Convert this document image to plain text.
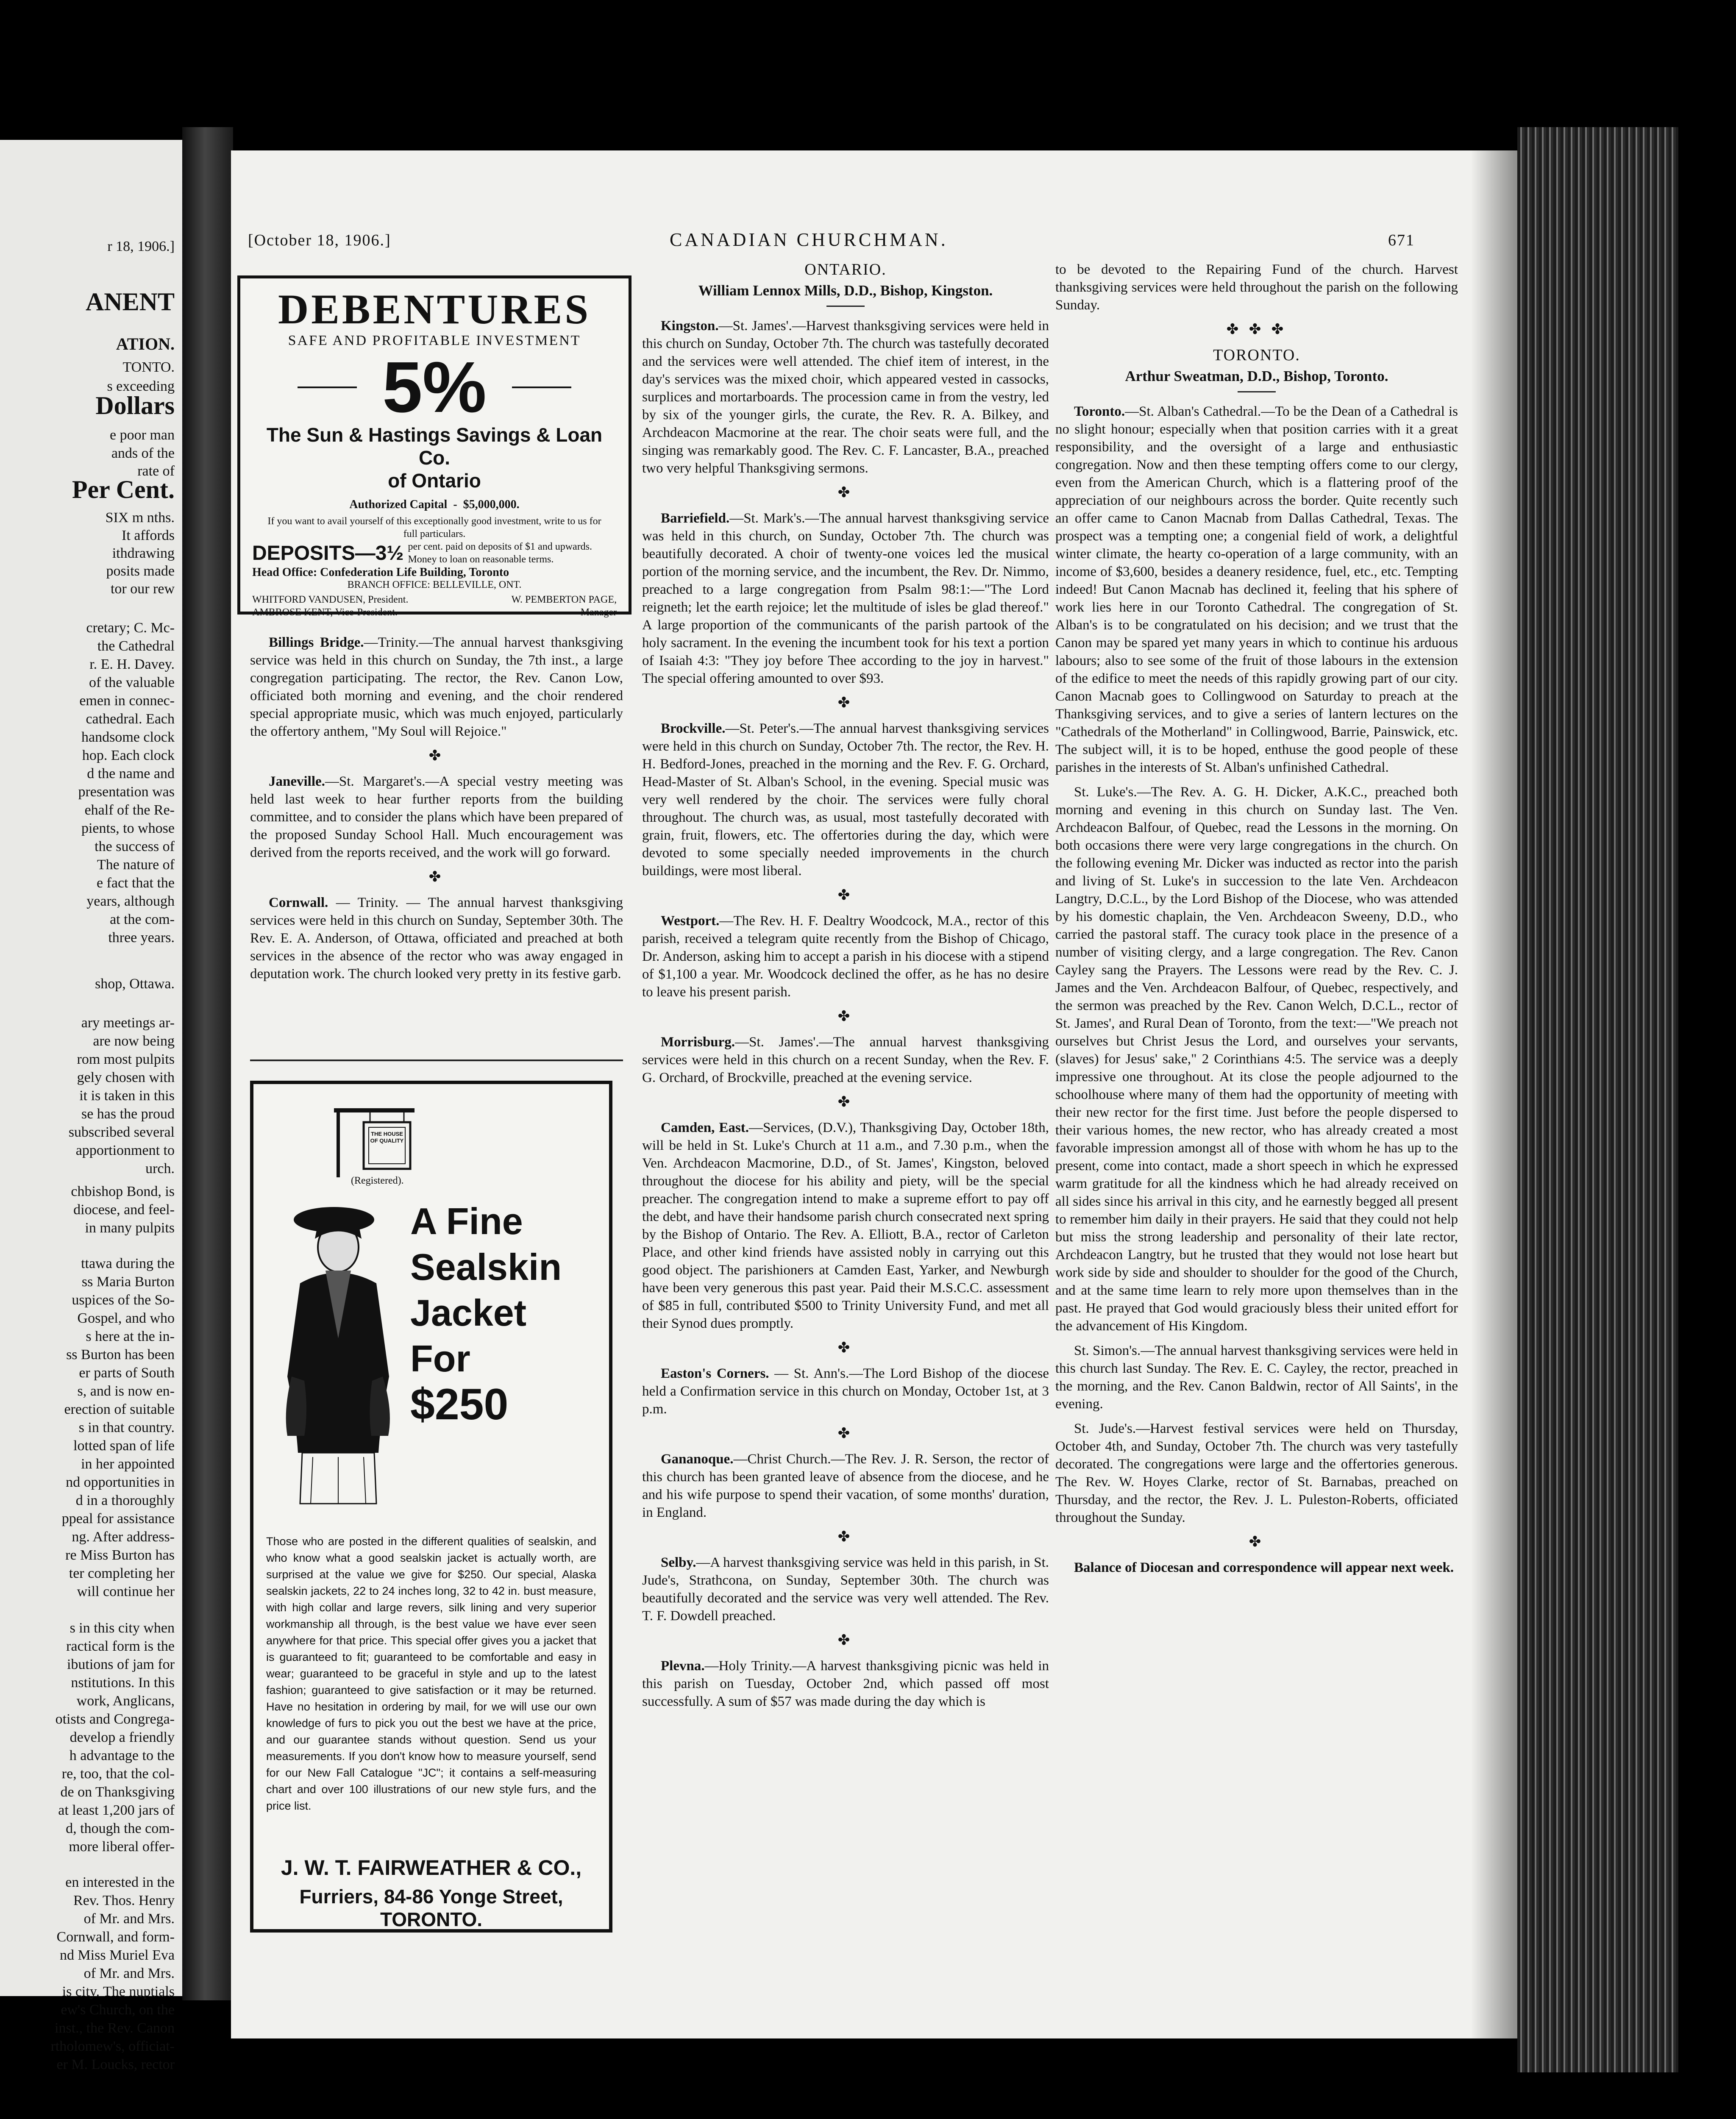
r 18, 1906.]
ANENT
ATION.
TONTO.
s exceeding
Dollars
e poor man
ands of the
rate of
Per Cent.
SIX m nths.
It affords
ithdrawing
posits made
tor our rew
cretary; C. Mc-
the Cathedral
r. E. H. Davey.
of the valuable
emen in connec-
cathedral. Each
handsome clock
hop. Each clock
d the name and
presentation was
ehalf of the Re-
pients, to whose
the success of
The nature of
e fact that the
years, although
at the com-
three years.
shop, Ottawa.
ary meetings ar-
are now being
rom most pulpits
gely chosen with
it is taken in this
se has the proud
subscribed several
apportionment to
urch.
chbishop Bond, is
diocese, and feel-
in many pulpits
ttawa during the
ss Maria Burton
uspices of the So-
Gospel, and who
s here at the in-
ss Burton has been
er parts of South
s, and is now en-
erection of suitable
s in that country.
lotted span of life
in her appointed
nd opportunities in
d in a thoroughly
ppeal for assistance
ng. After address-
re Miss Burton has
ter completing her
will continue her
s in this city when
ractical form is the
ibutions of jam for
nstitutions. In this
work, Anglicans,
otists and Congrega-
develop a friendly
h advantage to the
re, too, that the col-
de on Thanksgiving
at least 1,200 jars of
d, though the com-
more liberal offer-
en interested in the
Rev. Thos. Henry
of Mr. and Mrs.
Cornwall, and form-
nd Miss Muriel Eva
of Mr. and Mrs.
is city. The nuptials
ew's Church, on the
inst., the Rev. Canon
rtholomew's, officiat-
er M. Loucks, rector
[October 18, 1906.]	CANADIAN CHURCHMAN.	671
DEBENTURES
SAFE AND PROFITABLE INVESTMENT
5%
The Sun & Hastings Savings & Loan Co.
of Ontario
Authorized Capital  -  $5,000,000.
If you want to avail yourself of this exceptionally good investment, write to us for full particulars.
DEPOSITS—3½ per cent. paid on deposits of $1 and upwards. Money to loan on reasonable terms.
Head Office: Confederation Life Building, Toronto
BRANCH OFFICE: BELLEVILLE, ONT.
WHITFORD VANDUSEN, President.
AMBROSE KENT, Vice-President.
W. PEMBERTON PAGE,
Manager

Billings Bridge.—Trinity.—The annual harvest thanksgiving service was held in this church on Sunday, the 7th inst., a large congregation participating. The rector, the Rev. Canon Low, officiated both morning and evening, and the choir rendered special appropriate music, which was much enjoyed, particularly the offertory anthem, "My Soul will Rejoice."

✤

Janeville.—St. Margaret's.—A special vestry meeting was held last week to hear further reports from the building committee, and to consider the plans which have been prepared of the proposed Sunday School Hall. Much encouragement was derived from the reports received, and the work will go forward.

✤

Cornwall. — Trinity. — The annual harvest thanksgiving services were held in this church on Sunday, September 30th. The Rev. E. A. Anderson, of Ottawa, officiated and preached at both services in the absence of the rector who was away engaged in deputation work. The church looked very pretty in its festive garb.

THE HOUSE OF QUALITY
(Registered).
A Fine
Sealskin
Jacket
For
$250
Those who are posted in the different qualities of sealskin, and who know what a good sealskin jacket is actually worth, are surprised at the value we give for $250. Our special, Alaska sealskin jackets, 22 to 24 inches long, 32 to 42 in. bust measure, with high collar and large revers, silk lining and very superior workmanship all through, is the best value we have ever seen anywhere for that price. This special offer gives you a jacket that is guaranteed to fit; guaranteed to be comfortable and easy in wear; guaranteed to be graceful in style and up to the latest fashion; guaranteed to give satisfaction or it may be returned. Have no hesitation in ordering by mail, for we will use our own knowledge of furs to pick you out the best we have at the price, and our guarantee stands without question. Send us your measurements. If you don't know how to measure yourself, send for our New Fall Catalogue "JC"; it contains a self-measuring chart and over 100 illustrations of our new style furs, and the price list.
J. W. T. FAIRWEATHER & CO.,
Furriers, 84-86 Yonge Street, TORONTO.
ONTARIO.
William Lennox Mills, D.D., Bishop, Kingston.

Kingston.—St. James'.—Harvest thanksgiving services were held in this church on Sunday, October 7th. The church was tastefully decorated and the services were well attended. The chief item of interest, in the day's services was the mixed choir, which appeared vested in cassocks, surplices and mortarboards. The procession came in from the vestry, led by six of the younger girls, the curate, the Rev. R. A. Bilkey, and Archdeacon Macmorine at the rear. The choir seats were full, and the singing was remarkably good. The Rev. C. F. Lancaster, B.A., preached two very helpful Thanksgiving sermons.

✤

Barriefield.—St. Mark's.—The annual harvest thanksgiving service was held in this church, on Sunday, October 7th. The church was beautifully decorated. A choir of twenty-one voices led the musical portion of the morning service, and the incumbent, the Rev. Dr. Nimmo, preached to a large congregation from Psalm 98:1:—"The Lord reigneth; let the earth rejoice; let the multitude of isles be glad thereof." A large proportion of the communicants of the parish partook of the holy sacrament. In the evening the incumbent took for his text a portion of Isaiah 4:3: "They joy before Thee according to the joy in harvest." The special offering amounted to over $93.

✤

Brockville.—St. Peter's.—The annual harvest thanksgiving services were held in this church on Sunday, October 7th. The rector, the Rev. H. H. Bedford-Jones, preached in the morning and the Rev. F. G. Orchard, Head-Master of St. Alban's School, in the evening. Special music was very well rendered by the choir. The services were fully choral throughout. The church was, as usual, most tastefully decorated with grain, fruit, flowers, etc. The offertories during the day, which were devoted to some specially needed improvements in the church buildings, were most liberal.

✤

Westport.—The Rev. H. F. Dealtry Woodcock, M.A., rector of this parish, received a telegram quite recently from the Bishop of Chicago, Dr. Anderson, asking him to accept a parish in his diocese with a stipend of $1,100 a year. Mr. Woodcock declined the offer, as he has no desire to leave his present parish.

✤

Morrisburg.—St. James'.—The annual harvest thanksgiving services were held in this church on a recent Sunday, when the Rev. F. G. Orchard, of Brockville, preached at the evening service.

✤

Camden, East.—Services, (D.V.), Thanksgiving Day, October 18th, will be held in St. Luke's Church at 11 a.m., and 7.30 p.m., when the Ven. Archdeacon Macmorine, D.D., of St. James', Kingston, beloved throughout the diocese for his ability and piety, will be the special preacher. The congregation intend to make a supreme effort to pay off the debt, and have their handsome parish church consecrated next spring by the Bishop of Ontario. The Rev. A. Elliott, B.A., rector of Carleton Place, and other kind friends have assisted nobly in carrying out this good object. The parishioners at Camden East, Yarker, and Newburgh have been very generous this past year. Paid their M.S.C.C. assessment of $85 in full, contributed $500 to Trinity University Fund, and met all their Synod dues promptly.

✤

Easton's Corners. — St. Ann's.—The Lord Bishop of the diocese held a Confirmation service in this church on Monday, October 1st, at 3 p.m.

✤

Gananoque.—Christ Church.—The Rev. J. R. Serson, the rector of this church has been granted leave of absence from the diocese, and he and his wife purpose to spend their vacation, of some months' duration, in England.

✤

Selby.—A harvest thanksgiving service was held in this parish, in St. Jude's, Strathcona, on Sunday, September 30th. The church was beautifully decorated and the service was very well attended. The Rev. T. F. Dowdell preached.

✤

Plevna.—Holy Trinity.—A harvest thanksgiving picnic was held in this parish on Tuesday, October 2nd, which passed off most successfully. A sum of $57 was made during the day which is

to be devoted to the Repairing Fund of the church. Harvest thanksgiving services were held throughout the parish on the following Sunday.

✤ ✤ ✤
TORONTO.
Arthur Sweatman, D.D., Bishop, Toronto.

Toronto.—St. Alban's Cathedral.—To be the Dean of a Cathedral is no slight honour; especially when that position carries with it a great responsibility, and the oversight of a large and enthusiastic congregation. Now and then these tempting offers come to our clergy, even from the American Church, which is a flattering proof of the appreciation of our neighbours across the border. Quite recently such an offer came to Canon Macnab from Dallas Cathedral, Texas. The prospect was a tempting one; a congenial field of work, a delightful winter climate, the hearty co-operation of a large community, with an income of $3,600, besides a deanery residence, fuel, etc., etc. Tempting indeed! But Canon Macnab has declined it, feeling that his sphere of work lies here in our Toronto Cathedral. The congregation of St. Alban's is to be congratulated on his decision; and we trust that the Canon may be spared yet many years in which to continue his arduous labours; also to see some of the fruit of those labours in the extension of the edifice to meet the needs of this rapidly growing part of our city. Canon Macnab goes to Collingwood on Saturday to preach at the Thanksgiving services, and to give a series of lantern lectures on the "Cathedrals of the Motherland" in Collingwood, Barrie, Painswick, etc. The subject will, it is to be hoped, enthuse the good people of these parishes in the interests of St. Alban's unfinished Cathedral.

St. Luke's.—The Rev. A. G. H. Dicker, A.K.C., preached both morning and evening in this church on Sunday last. The Ven. Archdeacon Balfour, of Quebec, read the Lessons in the morning. On both occasions there were very large congregations in the church. On the following evening Mr. Dicker was inducted as rector into the parish and living of St. Luke's in succession to the late Ven. Archdeacon Langtry, D.C.L., by the Lord Bishop of the Diocese, who was attended by his domestic chaplain, the Ven. Archdeacon Sweeny, D.D., who carried the pastoral staff. The curacy took place in the presence of a number of visiting clergy, and a large congregation. The Rev. Canon Cayley sang the Prayers. The Lessons were read by the Rev. C. J. James and the Ven. Archdeacon Balfour, of Quebec, respectively, and the sermon was preached by the Rev. Canon Welch, D.C.L., rector of St. James', and Rural Dean of Toronto, from the text:—"We preach not ourselves but Christ Jesus the Lord, and ourselves your servants, (slaves) for Jesus' sake," 2 Corinthians 4:5. The service was a deeply impressive one throughout. At its close the people adjourned to the schoolhouse where many of them had the opportunity of meeting with their new rector for the first time. Just before the people dispersed to their various homes, the new rector, who has already created a most favorable impression amongst all of those with whom he has up to the present, come into contact, made a short speech in which he expressed warm gratitude for all the kindness which he had already received on all sides since his arrival in this city, and he earnestly begged all present to remember him daily in their prayers. He said that they could not help but miss the strong leadership and personality of their late rector, Archdeacon Langtry, but he trusted that they would not lose heart but work side by side and shoulder to shoulder for the good of the Church, and at the same time learn to rely more upon themselves than in the past. He prayed that God would graciously bless their united effort for the advancement of His Kingdom.

St. Simon's.—The annual harvest thanksgiving services were held in this church last Sunday. The Rev. E. C. Cayley, the rector, preached in the morning, and the Rev. Canon Baldwin, rector of All Saints', in the evening.

St. Jude's.—Harvest festival services were held on Thursday, October 4th, and Sunday, October 7th. The church was very tastefully decorated. The congregations were large and the offertories generous. The Rev. W. Hoyes Clarke, rector of St. Barnabas, preached on Thursday, and the rector, the Rev. J. L. Puleston-Roberts, officiated throughout the Sunday.

✤

Balance of Diocesan and correspondence will appear next week.
